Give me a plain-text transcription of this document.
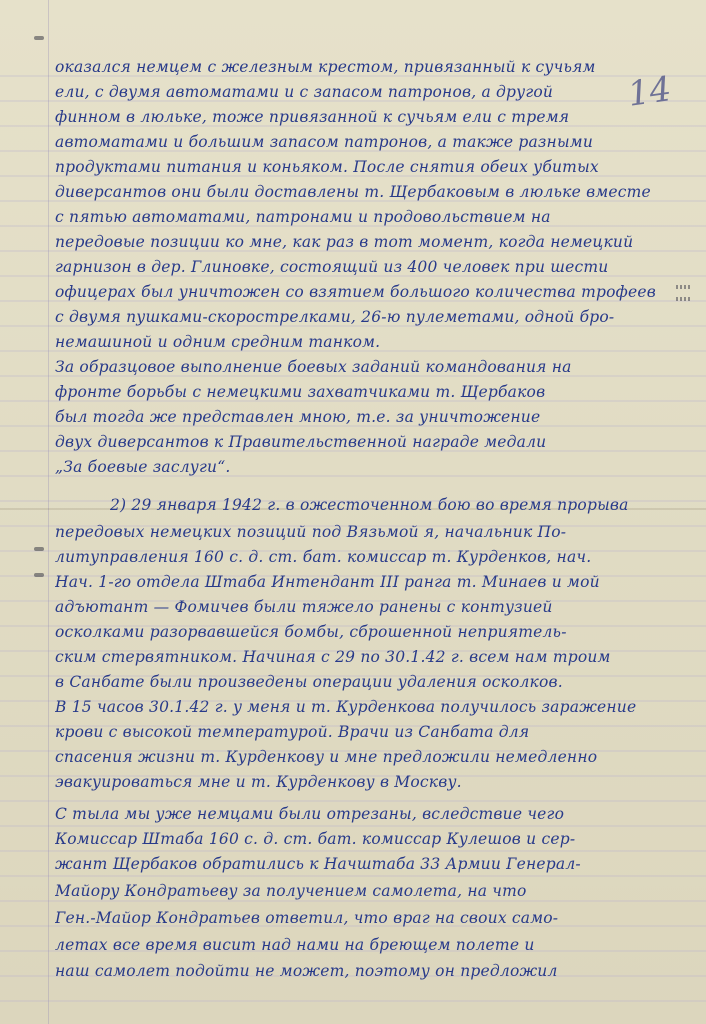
14
оказался немцем с железным крестом, привязанный к сучьям
ели, с двумя автоматами и с запасом патронов, а другой
финном в люльке, тоже привязанной к сучьям ели с тремя
автоматами и большим запасом патронов, а также разными
продуктами питания и коньяком. После снятия обеих убитых
диверсантов они были доставлены т. Щербаковым в люльке вместе
с пятью автоматами, патронами и продовольствием на
передовые позиции ко мне, как раз в тот момент, когда немецкий
гарнизон в дер. Глиновке, состоящий из 400 человек при шести
офицерах был уничтожен со взятием большого количества трофеев
с двумя пушками-скорострелками, 26-ю пулеметами, одной бро-
немашиной и одним средним танком.
За образцовое выполнение боевых заданий командования на
фронте борьбы с немецкими захватчиками т. Щербаков
был тогда же представлен мною, т.е. за уничтожение
двух диверсантов к Правительственной награде медали
„За боевые заслуги“.
2) 29 января 1942 г. в ожесточенном бою во время прорыва
передовых немецких позиций под Вязьмой я, начальник По-
литуправления 160 с. д. ст. бат. комиссар т. Курденков, нач.
Нач. 1-го отдела Штаба Интендант III ранга т. Минаев и мой
адъютант — Фомичев были тяжело ранены с контузией
осколками разорвавшейся бомбы, сброшенной неприятель-
ским стервятником. Начиная с 29 по 30.1.42 г. всем нам троим
в Санбате были произведены операции удаления осколков.
В 15 часов 30.1.42 г. у меня и т. Курденкова получилось заражение
крови с высокой температурой. Врачи из Санбата для
спасения жизни т. Курденкову и мне предложили немедленно
эвакуироваться мне и т. Курденкову в Москву.
С тыла мы уже немцами были отрезаны, вследствие чего
Комиссар Штаба 160 с. д. ст. бат. комиссар Кулешов и сер-
жант Щербаков обратились к Начштаба 33 Армии Генерал-
Майору Кондратьеву за получением самолета, на что
Ген.-Майор Кондратьев ответил, что враг на своих само-
летах все время висит над нами на бреющем полете и
наш самолет подойти не может, поэтому он предложил
